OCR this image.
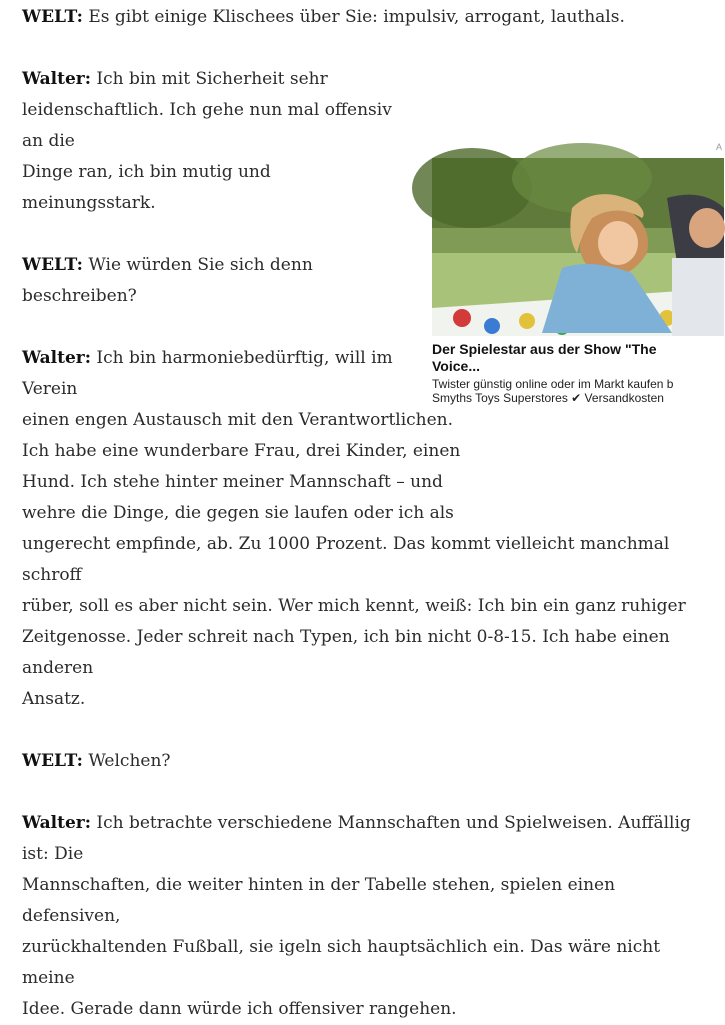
WELT: Es gibt einige Klischees über Sie: impulsiv, arrogant, lauthals.

A
Der Spielestar aus der Show "The
Voice...
Twister günstig online oder im Markt kaufen b
Smyths Toys Superstores ✔ Versandkosten

Walter: Ich bin mit Sicherheit sehr
leidenschaftlich. Ich gehe nun mal offensiv an die
Dinge ran, ich bin mutig und meinungsstark.

WELT: Wie würden Sie sich denn beschreiben?

Walter: Ich bin harmoniebedürftig, will im Verein
einen engen Austausch mit den Verantwortlichen.
Ich habe eine wunderbare Frau, drei Kinder, einen
Hund. Ich stehe hinter meiner Mannschaft – und
wehre die Dinge, die gegen sie laufen oder ich als
ungerecht empfinde, ab. Zu 1000 Prozent. Das kommt vielleicht manchmal schroff
rüber, soll es aber nicht sein. Wer mich kennt, weiß: Ich bin ein ganz ruhiger
Zeitgenosse. Jeder schreit nach Typen, ich bin nicht 0-8-15. Ich habe einen anderen
Ansatz.

WELT: Welchen?

Walter: Ich betrachte verschiedene Mannschaften und Spielweisen. Auffällig ist: Die
Mannschaften, die weiter hinten in der Tabelle stehen, spielen einen defensiven,
zurückhaltenden Fußball, sie igeln sich hauptsächlich ein. Das wäre nicht meine
Idee. Gerade dann würde ich offensiver rangehen.
